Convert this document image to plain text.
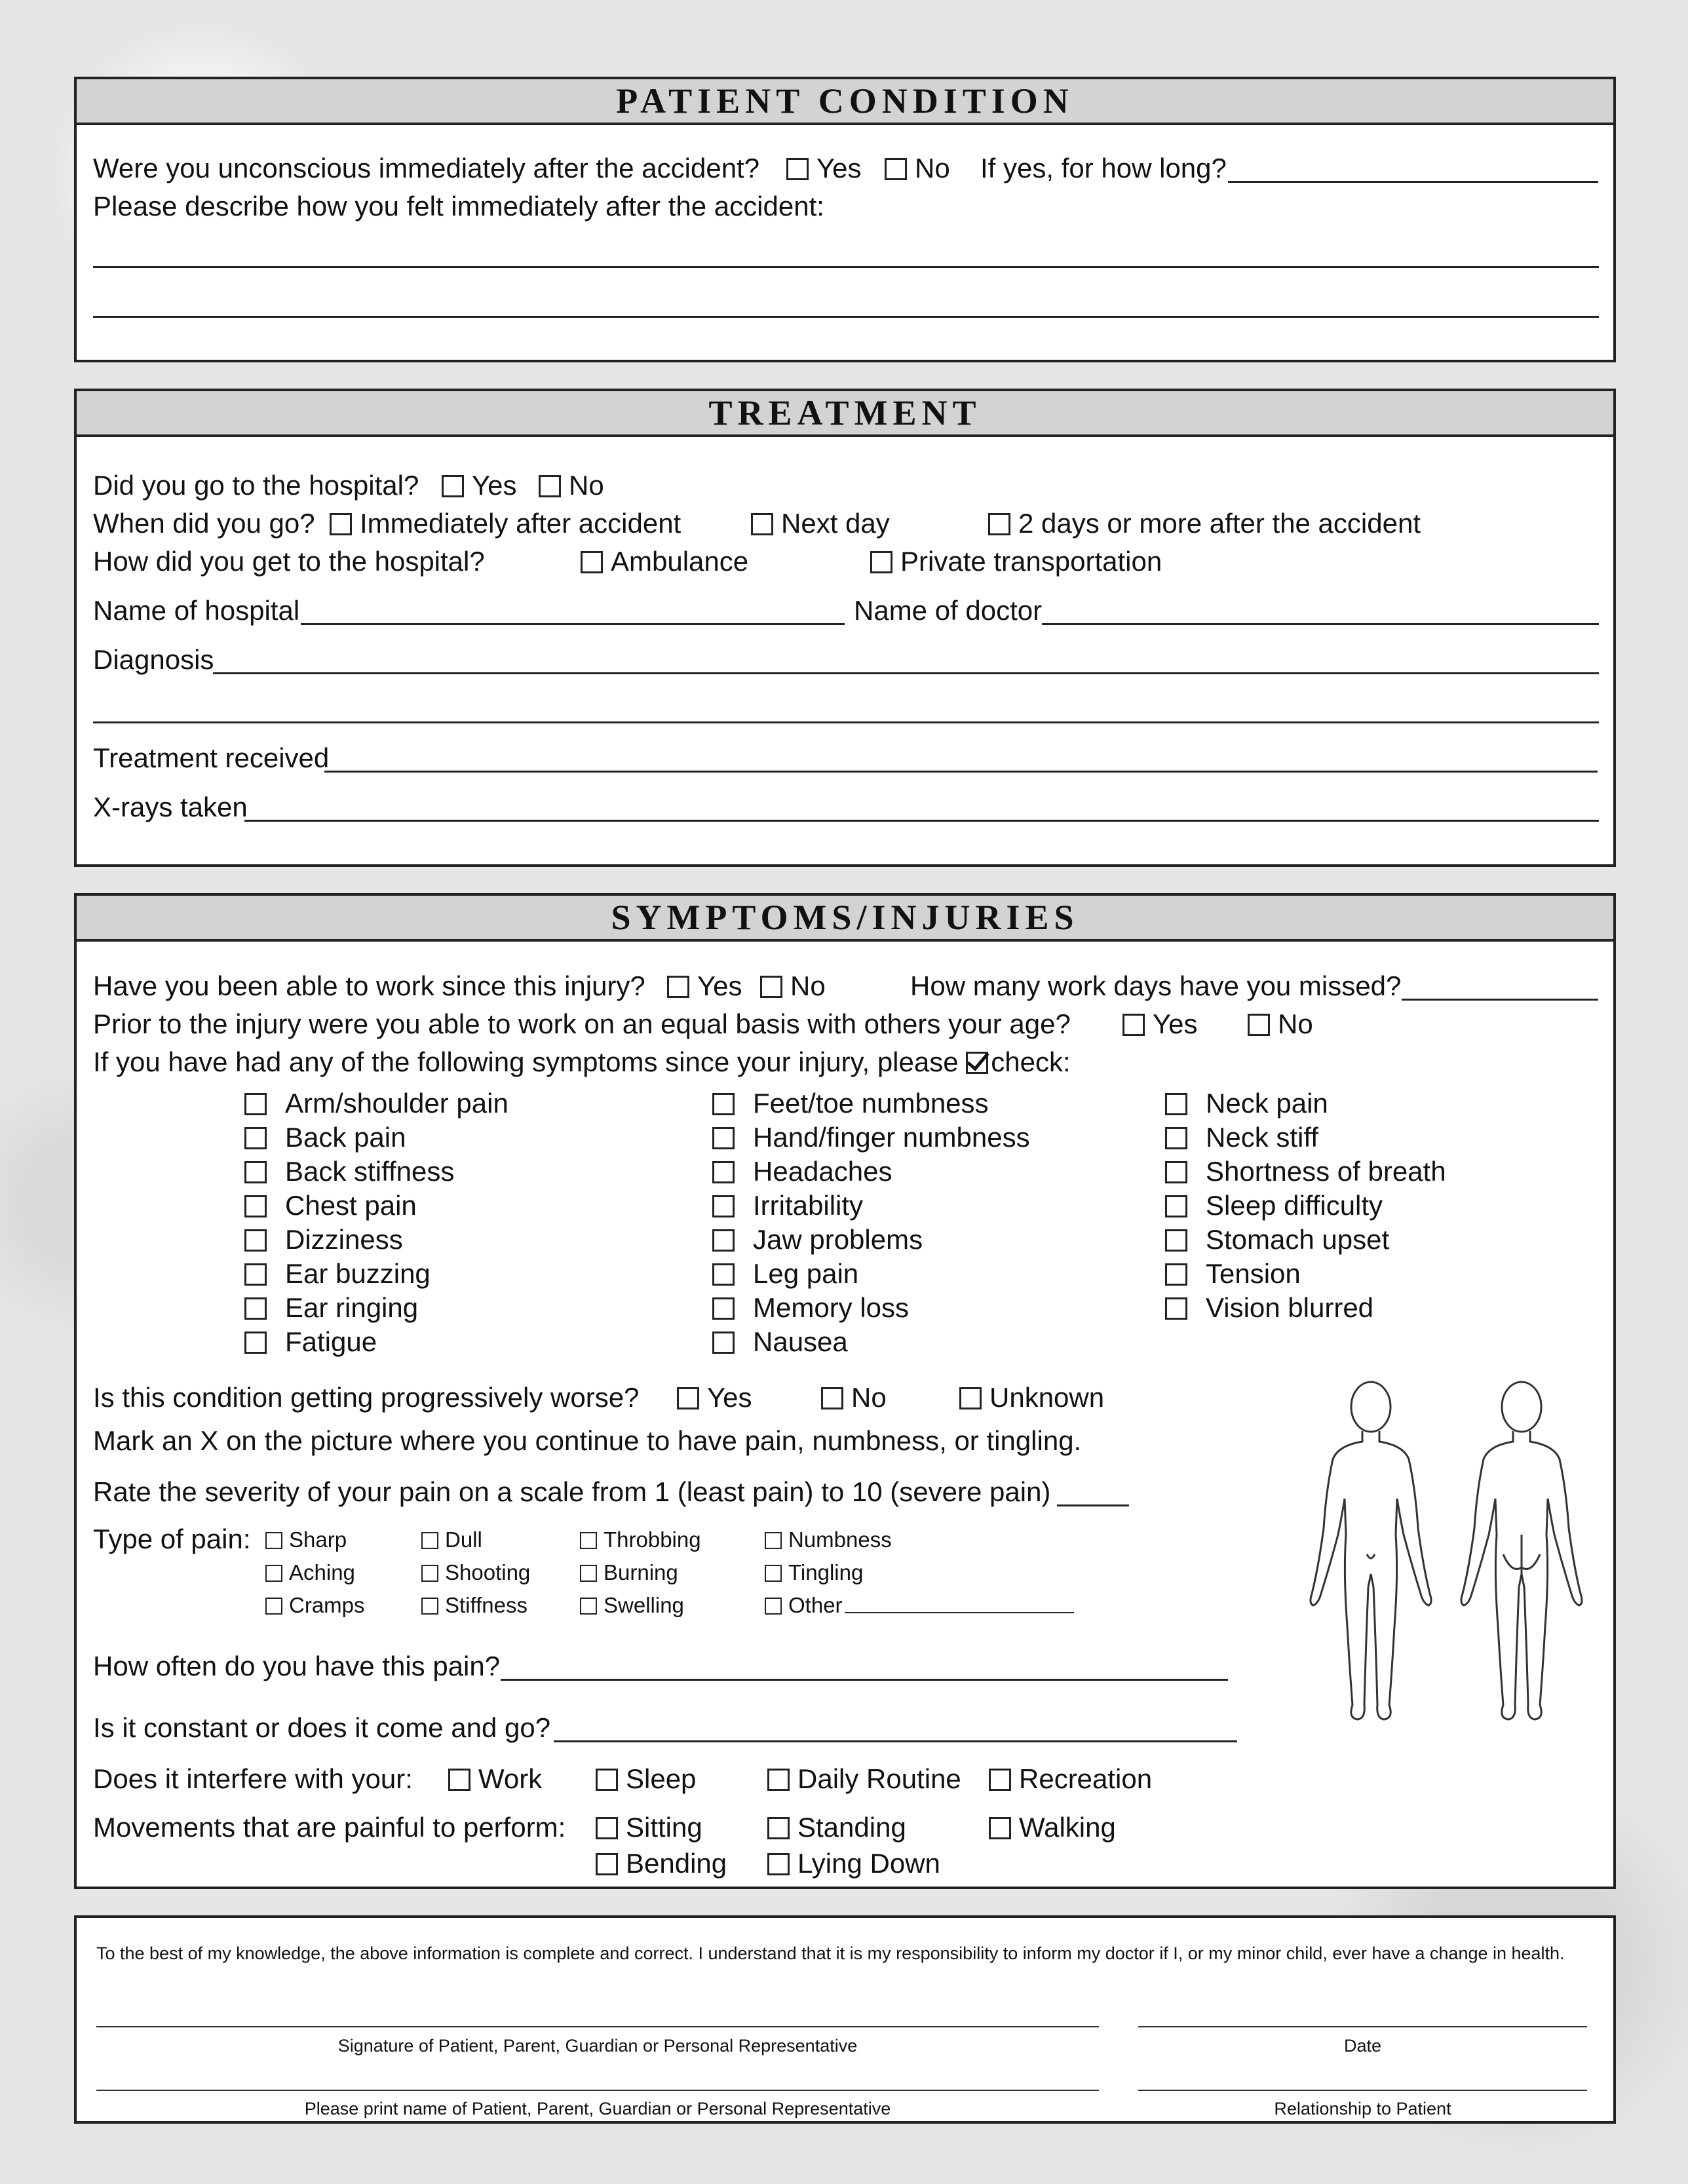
PATIENT CONDITION
Were you unconscious immediately after the accident?	Yes	No If yes, for how long?
Please describe how you felt immediately after the accident:
TREATMENT
Did you go to the hospital?	Yes	No
When did you go?	Immediately after accident	Next day	2 days or more after the accident
How did you get to the hospital?	Ambulance	Private transportation
Name of hospital	Name of doctor
Diagnosis
Treatment received
X-rays taken
SYMPTOMS/INJURIES
Have you been able to work since this injury?	Yes	No	How many work days have you missed?
Prior to the injury were you able to work on an equal basis with others your age?	Yes	No
If you have had any of the following symptoms since your injury, please check:
Arm/shoulder pain
Back pain
Back stiffness
Chest pain
Dizziness
Ear buzzing
Ear ringing
Fatigue
Feet/toe numbness
Hand/finger numbness
Headaches
Irritability
Jaw problems
Leg pain
Memory loss
Nausea
Neck pain
Neck stiff
Shortness of breath
Sleep difficulty
Stomach upset
Tension
Vision blurred
Is this condition getting progressively worse?	Yes	No	Unknown
Mark an X on the picture where you continue to have pain, numbness, or tingling.
Rate the severity of your pain on a scale from 1 (least pain) to 10 (severe pain)
Type of pain:	Sharp	Dull	Throbbing	Numbness
Aching	Shooting	Burning	Tingling
Cramps	Stiffness	Swelling	Other
How often do you have this pain?
Is it constant or does it come and go?
Does it interfere with your:	Work	Sleep	Daily Routine	Recreation
Movements that are painful to perform:	Sitting	Standing	Walking
Bending	Lying Down
To the best of my knowledge, the above information is complete and correct. I understand that it is my responsibility to inform my doctor if I, or my minor child, ever have a change in health.
Signature of Patient, Parent, Guardian or Personal Representative	Date
Please print name of Patient, Parent, Guardian or Personal Representative	Relationship to Patient
